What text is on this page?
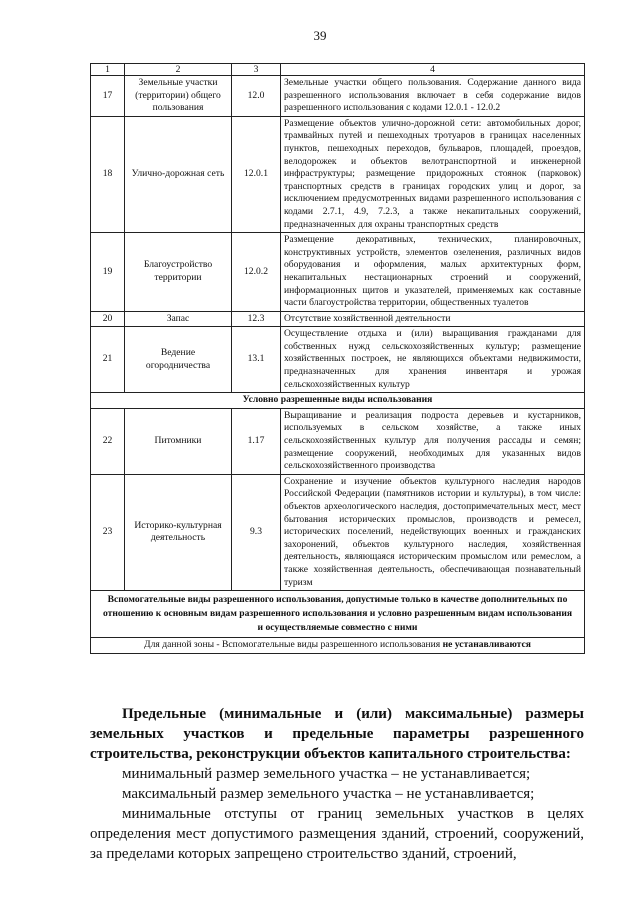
39
1	2	3	4
17	Земельные участки (территории) общего пользования	12.0	Земельные участки общего пользования. Содержание данного вида разрешенного использования включает в себя содержание видов разрешенного использования с кодами 12.0.1 - 12.0.2
18	Улично-дорожная сеть	12.0.1	Размещение объектов улично-дорожной сети: автомобильных дорог, трамвайных путей и пешеходных тротуаров в границах населенных пунктов, пешеходных переходов, бульваров, площадей, проездов, велодорожек и объектов велотранспортной и инженерной инфраструктуры; размещение придорожных стоянок (парковок) транспортных средств в границах городских улиц и дорог, за исключением предусмотренных видами разрешенного использования с кодами 2.7.1, 4.9, 7.2.3, а также некапитальных сооружений, предназначенных для охраны транспортных средств
19	Благоустройство территории	12.0.2	Размещение декоративных, технических, планировочных, конструктивных устройств, элементов озеленения, различных видов оборудования и оформления, малых архитектурных форм, некапитальных нестационарных строений и сооружений, информационных щитов и указателей, применяемых как составные части благоустройства территории, общественных туалетов
20	Запас	12.3	Отсутствие хозяйственной деятельности
21	Ведение огородничества	13.1	Осуществление отдыха и (или) выращивания гражданами для собственных нужд сельскохозяйственных культур; размещение хозяйственных построек, не являющихся объектами недвижимости, предназначенных для хранения инвентаря и урожая сельскохозяйственных культур
Условно разрешенные виды использования			
22	Питомники	1.17	Выращивание и реализация подроста деревьев и кустарников, используемых в сельском хозяйстве, а также иных сельскохозяйственных культур для получения рассады и семян; размещение сооружений, необходимых для указанных видов сельскохозяйственного производства
23	Историко-культурная деятельность	9.3	Сохранение и изучение объектов культурного наследия народов Российской Федерации (памятников истории и культуры), в том числе: объектов археологического наследия, достопримечательных мест, мест бытования исторических промыслов, производств и ремесел, исторических поселений, недействующих военных и гражданских захоронений, объектов культурного наследия, хозяйственная деятельность, являющаяся историческим промыслом или ремеслом, а также хозяйственная деятельность, обеспечивающая познавательный туризм
Вспомогательные виды разрешенного использования, допустимые только в качестве дополнительных по отношению к основным видам разрешенного использования и условно разрешенным видам использования и осуществляемые совместно с ними			
Для данной зоны - Вспомогательные виды разрешенного использования не устанавливаются			

Предельные (минимальные и (или) максимальные) размеры земельных участков и предельные параметры разрешенного строительства, реконструкции объектов капитального строительства:

минимальный размер земельного участка – не устанавливается;

максимальный размер земельного участка – не устанавливается;

минимальные отступы от границ земельных участков в целях определения мест допустимого размещения зданий, строений, сооружений, за пределами которых запрещено строительство зданий, строений,
